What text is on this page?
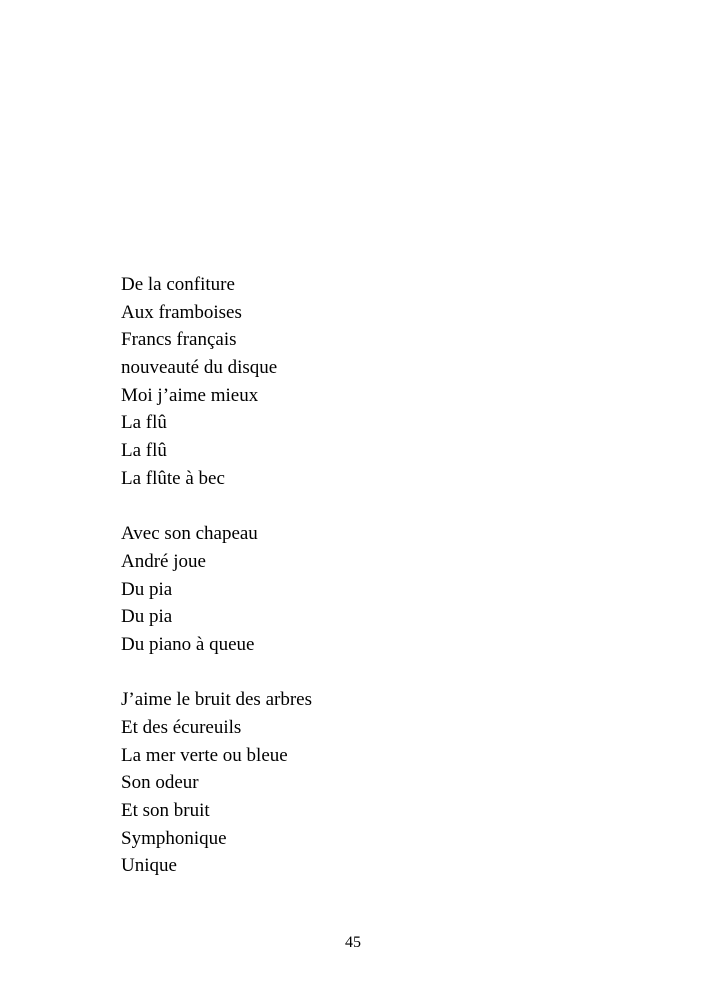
De la confiture
Aux framboises
Francs français
nouveauté du disque
Moi j’aime mieux
La flû
La flû
La flûte à bec
Avec son chapeau
André joue
Du pia
Du pia
Du piano à queue
J’aime le bruit des arbres
Et des écureuils
La mer verte ou bleue
Son odeur
Et son bruit
Symphonique
Unique
45
